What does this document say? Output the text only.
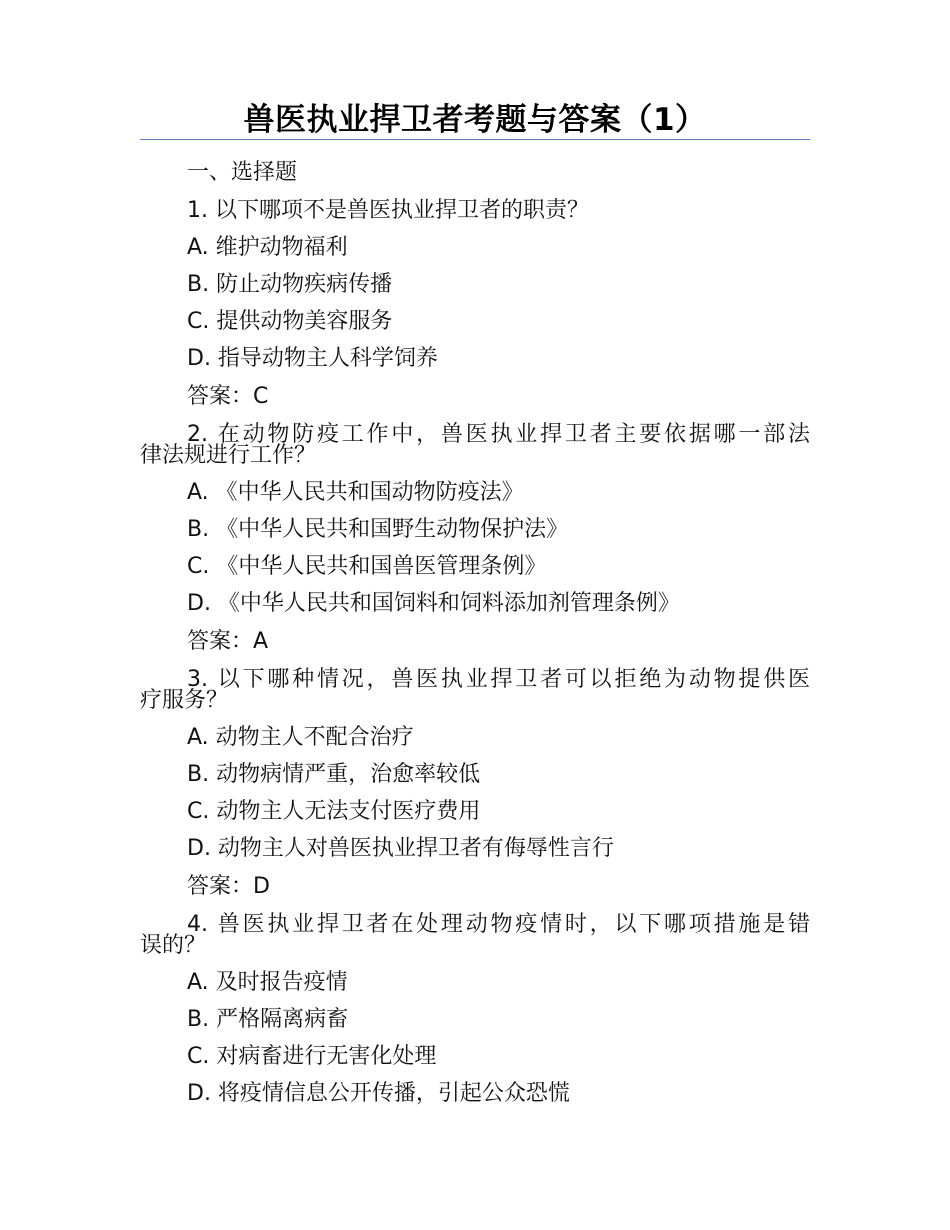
兽医执业捍卫者考题与答案（1）
一、选择题
1. 以下哪项不是兽医执业捍卫者的职责？
A. 维护动物福利
B. 防止动物疾病传播
C. 提供动物美容服务
D. 指导动物主人科学饲养
答案：C
2. 在动物防疫工作中，兽医执业捍卫者主要依据哪一部法
律法规进行工作？
A. 《中华人民共和国动物防疫法》
B. 《中华人民共和国野生动物保护法》
C. 《中华人民共和国兽医管理条例》
D. 《中华人民共和国饲料和饲料添加剂管理条例》
答案：A
3. 以下哪种情况，兽医执业捍卫者可以拒绝为动物提供医
疗服务？
A. 动物主人不配合治疗
B. 动物病情严重，治愈率较低
C. 动物主人无法支付医疗费用
D. 动物主人对兽医执业捍卫者有侮辱性言行
答案：D
4. 兽医执业捍卫者在处理动物疫情时，以下哪项措施是错
误的？
A. 及时报告疫情
B. 严格隔离病畜
C. 对病畜进行无害化处理
D. 将疫情信息公开传播，引起公众恐慌
